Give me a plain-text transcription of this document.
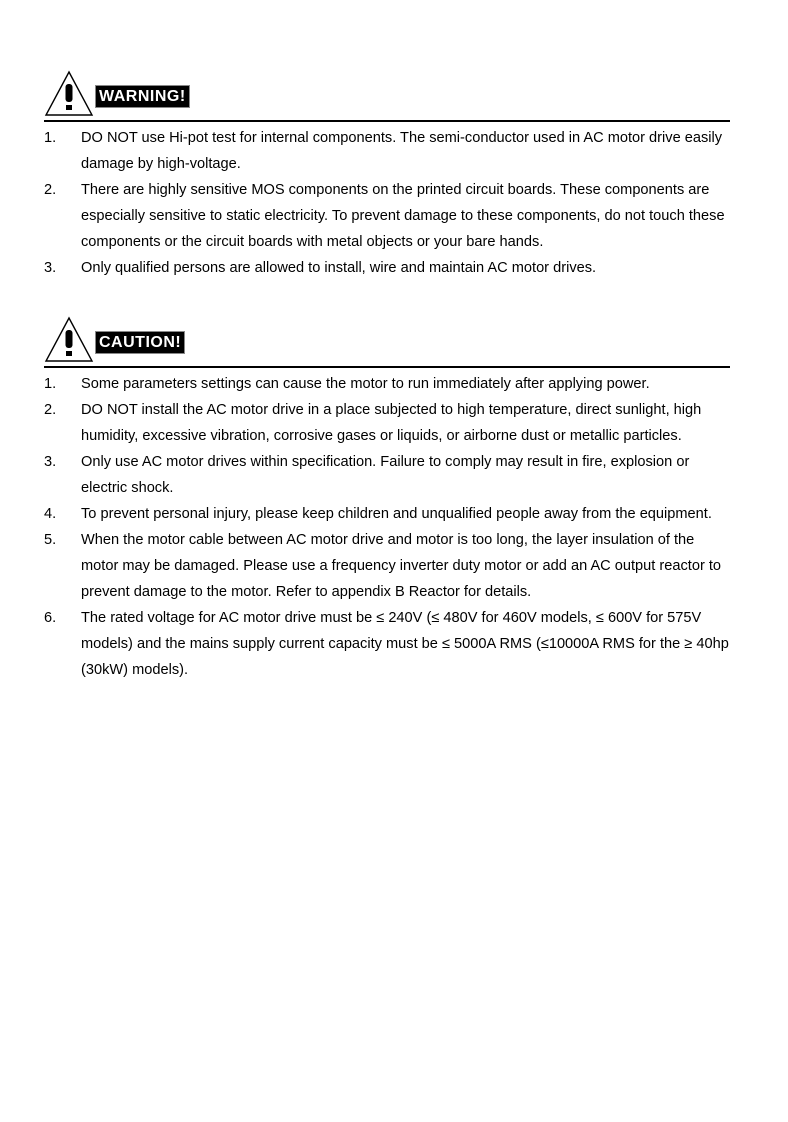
WARNING!
1. DO NOT use Hi-pot test for internal components. The semi-conductor used in AC motor drive easily damage by high-voltage.
2. There are highly sensitive MOS components on the printed circuit boards. These components are especially sensitive to static electricity. To prevent damage to these components, do not touch these components or the circuit boards with metal objects or your bare hands.
3. Only qualified persons are allowed to install, wire and maintain AC motor drives.
CAUTION!
1. Some parameters settings can cause the motor to run immediately after applying power.
2. DO NOT install the AC motor drive in a place subjected to high temperature, direct sunlight, high humidity, excessive vibration, corrosive gases or liquids, or airborne dust or metallic particles.
3. Only use AC motor drives within specification. Failure to comply may result in fire, explosion or electric shock.
4. To prevent personal injury, please keep children and unqualified people away from the equipment.
5. When the motor cable between AC motor drive and motor is too long, the layer insulation of the motor may be damaged. Please use a frequency inverter duty motor or add an AC output reactor to prevent damage to the motor. Refer to appendix B Reactor for details.
6. The rated voltage for AC motor drive must be ≤ 240V (≤ 480V for 460V models, ≤ 600V for 575V models) and the mains supply current capacity must be ≤ 5000A RMS (≤10000A RMS for the ≥ 40hp (30kW) models).
